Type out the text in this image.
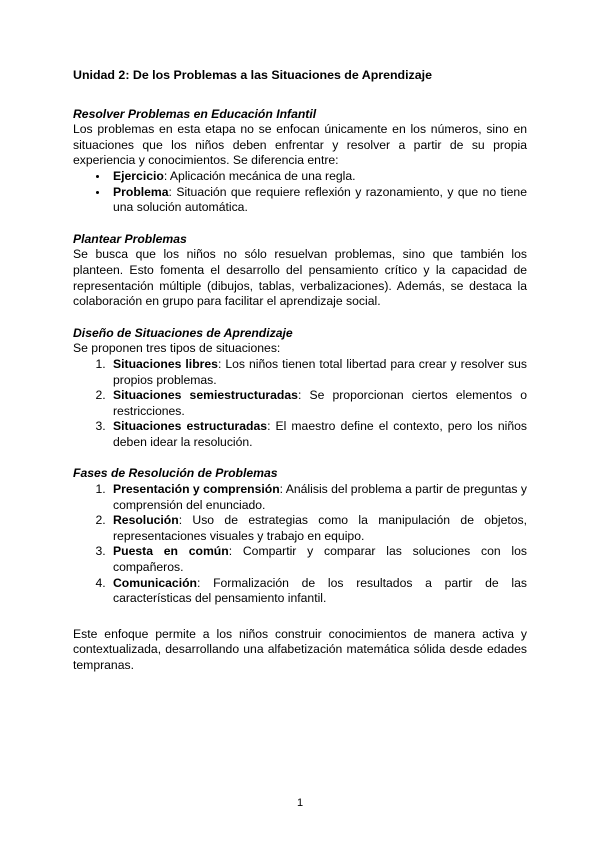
Unidad 2: De los Problemas a las Situaciones de Aprendizaje
Resolver Problemas en Educación Infantil

Los problemas en esta etapa no se enfocan únicamente en los números, sino en situaciones que los niños deben enfrentar y resolver a partir de su propia experiencia y conocimientos. Se diferencia entre:

• Ejercicio: Aplicación mecánica de una regla.
• Problema: Situación que requiere reflexión y razonamiento, y que no tiene una solución automática.
Plantear Problemas

Se busca que los niños no sólo resuelvan problemas, sino que también los planteen. Esto fomenta el desarrollo del pensamiento crítico y la capacidad de representación múltiple (dibujos, tablas, verbalizaciones). Además, se destaca la colaboración en grupo para facilitar el aprendizaje social.

Diseño de Situaciones de Aprendizaje

Se proponen tres tipos de situaciones:

1. Situaciones libres: Los niños tienen total libertad para crear y resolver sus propios problemas.
2. Situaciones semiestructuradas: Se proporcionan ciertos elementos o restricciones.
3. Situaciones estructuradas: El maestro define el contexto, pero los niños deben idear la resolución.
Fases de Resolución de Problemas
1. Presentación y comprensión: Análisis del problema a partir de preguntas y comprensión del enunciado.
2. Resolución: Uso de estrategias como la manipulación de objetos, representaciones visuales y trabajo en equipo.
3. Puesta en común: Compartir y comparar las soluciones con los compañeros.
4. Comunicación: Formalización de los resultados a partir de las características del pensamiento infantil.

Este enfoque permite a los niños construir conocimientos de manera activa y contextualizada, desarrollando una alfabetización matemática sólida desde edades tempranas.

1
